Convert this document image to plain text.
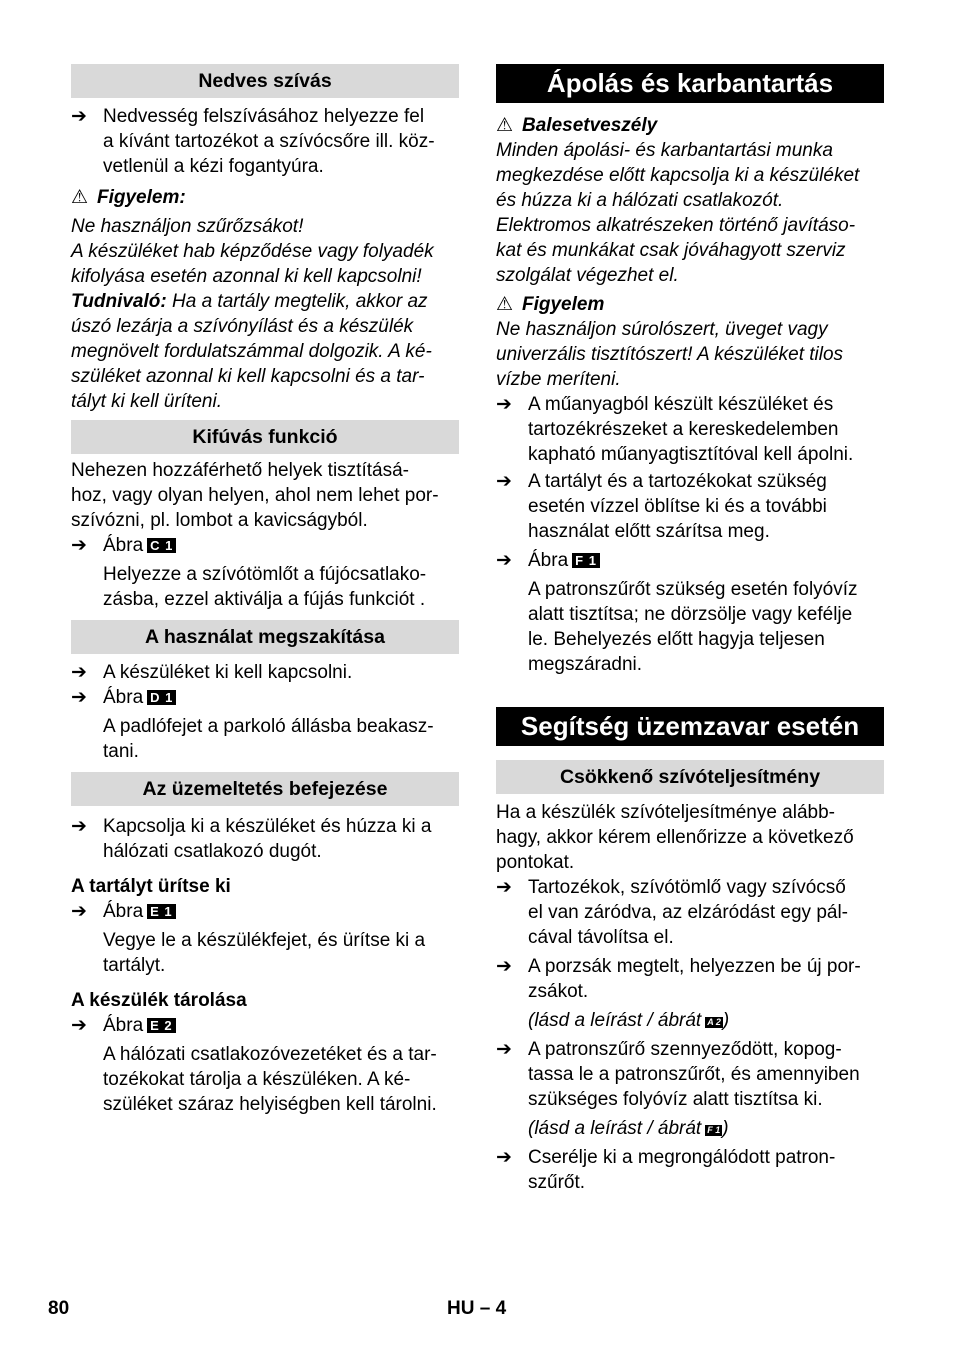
Nedves szívás
➔ Nedvesség felszívásához helyezze fel
a kívánt tartozékot a szívócsőre ill. köz-
vetlenül a kézi fogantyúra.
⚠ Figyelem:
Ne használjon szűrőzsákot!
A készüléket hab képződése vagy folyadék
kifolyása esetén azonnal ki kell kapcsolni!
Tudnivaló: Ha a tartály megtelik, akkor az
úszó lezárja a szívónyílást és a készülék
megnövelt fordulatszámmal dolgozik. A ké-
szüléket azonnal ki kell kapcsolni és a tar-
tályt ki kell üríteni.
Kifúvás funkció
Nehezen hozzáférhető helyek tisztításá-
hoz, vagy olyan helyen, ahol nem lehet por-
szívózni, pl. lombot a kavicságyból.
➔ Ábra C 1
Helyezze a szívótömlőt a fújócsatlako-
zásba, ezzel aktiválja a fújás funkciót .
A használat megszakítása
➔ A készüléket ki kell kapcsolni.
➔ Ábra D 1
A padlófejet a parkoló állásba beakasz-
tani.
Az üzemeltetés befejezése
➔ Kapcsolja ki a készüléket és húzza ki a
hálózati csatlakozó dugót.
A tartályt ürítse ki
➔ Ábra E 1
Vegye le a készülékfejet, és ürítse ki a
tartályt.
A készülék tárolása
➔ Ábra E 2
A hálózati csatlakozóvezetéket és a tar-
tozékokat tárolja a készüléken. A ké-
szüléket száraz helyiségben kell tárolni.
Ápolás és karbantartás
⚠ Balesetveszély
Minden ápolási- és karbantartási munka
megkezdése előtt kapcsolja ki a készüléket
és húzza ki a hálózati csatlakozót.
Elektromos alkatrészeken történő javításo-
kat és munkákat csak jóváhagyott szerviz
szolgálat végezhet el.
⚠ Figyelem
Ne használjon súrolószert, üveget vagy
univerzális tisztítószert! A készüléket tilos
vízbe meríteni.
➔ A műanyagból készült készüléket és
tartozékrészeket a kereskedelemben
kapható műanyagtisztítóval kell ápolni.
➔ A tartályt és a tartozékokat szükség
esetén vízzel öblítse ki és a további
használat előtt szárítsa meg.
➔ Ábra F 1
A patronszűrőt szükség esetén folyóvíz
alatt tisztítsa; ne dörzsölje vagy kefélje
le. Behelyezés előtt hagyja teljesen
megszáradni.
Segítség üzemzavar esetén
Csökkenő szívóteljesítmény
Ha a készülék szívóteljesítménye alább-
hagy, akkor kérem ellenőrizze a következő
pontokat.
➔ Tartozékok, szívótömlő vagy szívócső
el van záródva, az elzáródást egy pál-
cával távolítsa el.
➔ A porzsák megtelt, helyezzen be új por-
zsákot.
(lásd a leírást / ábrát A 2 )
➔ A patronszűrő szennyeződött, kopog-
tassa le a patronszűrőt, és amennyiben
szükséges folyóvíz alatt tisztítsa ki.
(lásd a leírást / ábrát F 1 )
➔ Cserélje ki a megrongálódott patron-
szűrőt.
80	HU – 4
